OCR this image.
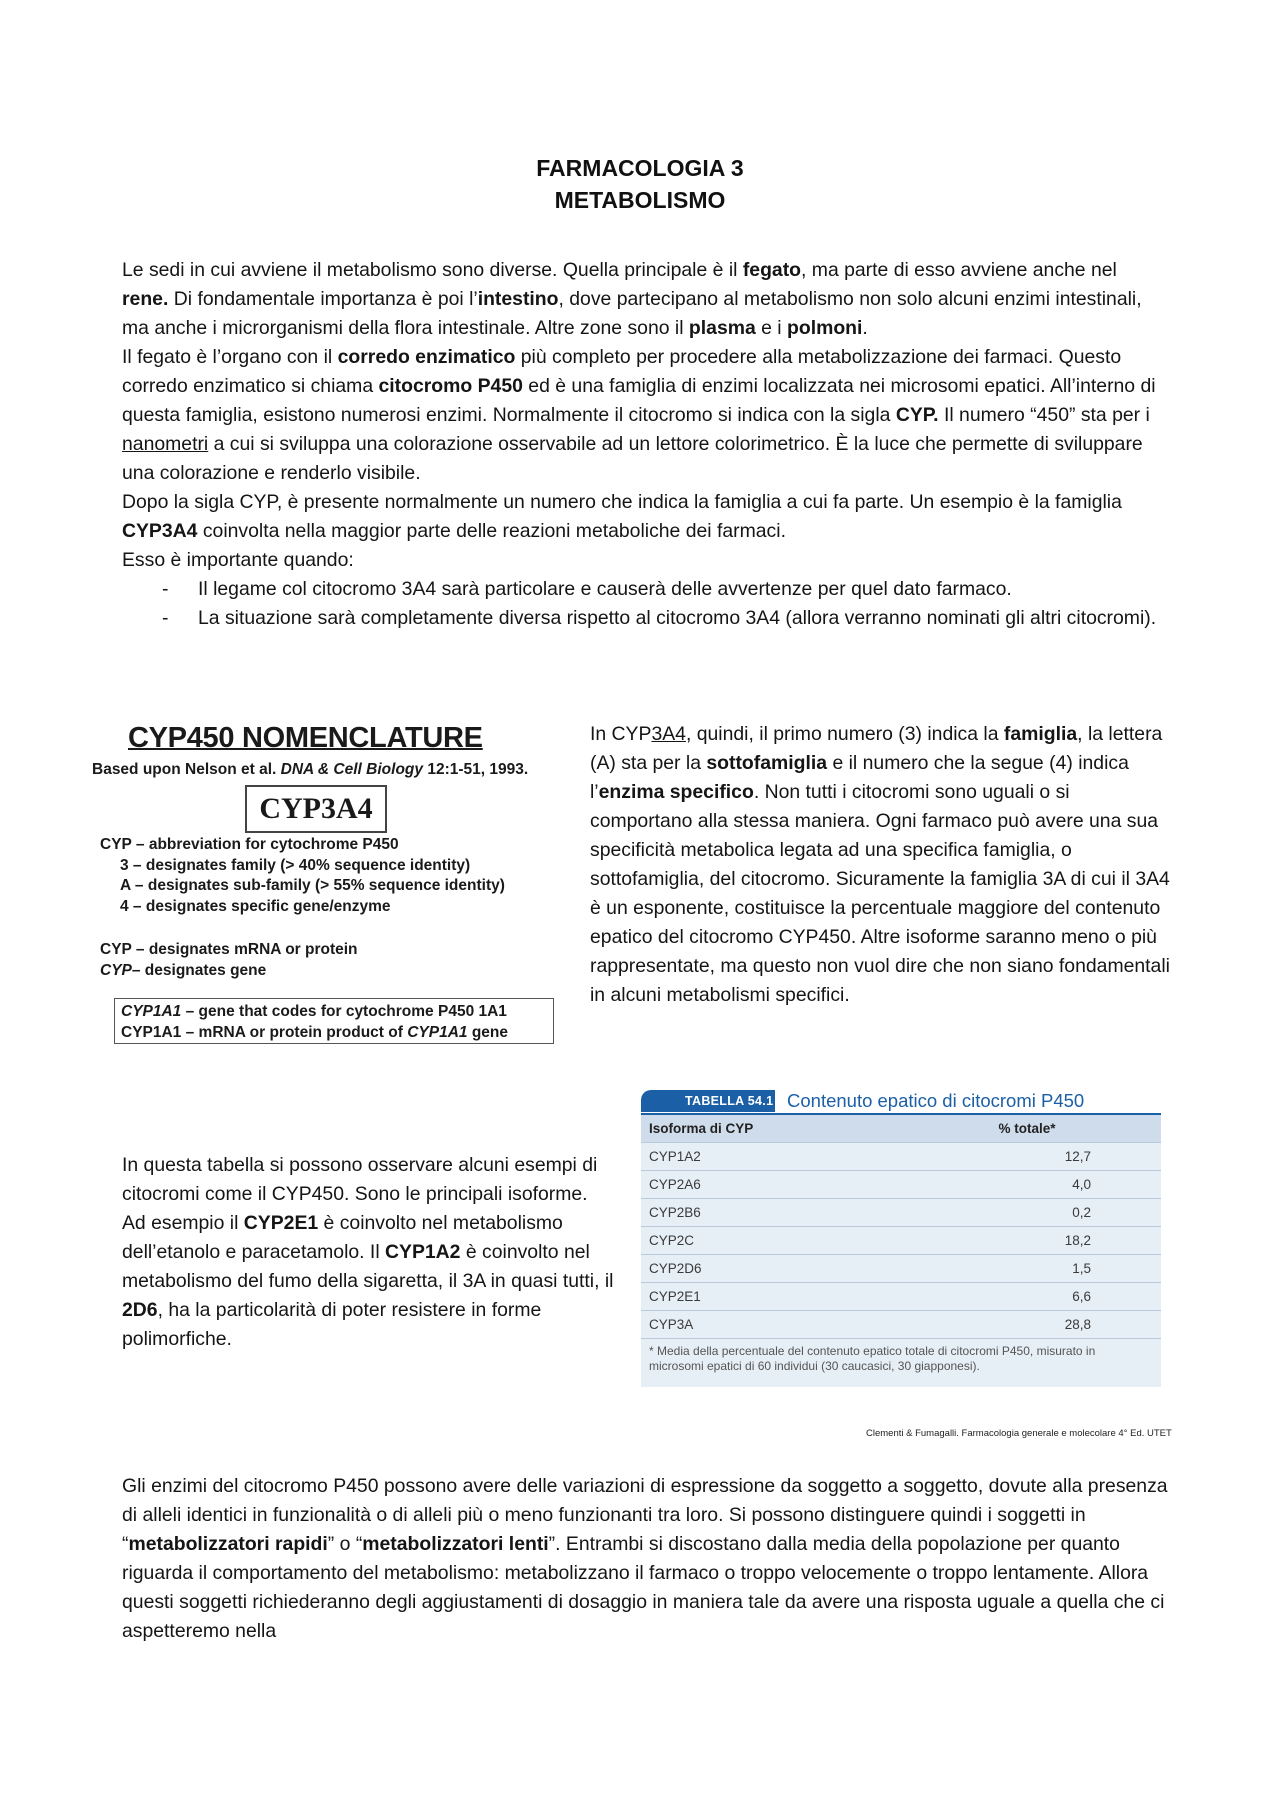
FARMACOLOGIA 3
METABOLISMO

Le sedi in cui avviene il metabolismo sono diverse. Quella principale è il fegato, ma parte di esso avviene anche nel rene. Di fondamentale importanza è poi l’intestino, dove partecipano al metabolismo non solo alcuni enzimi intestinali, ma anche i microrganismi della flora intestinale. Altre zone sono il plasma e i polmoni.

Il fegato è l’organo con il corredo enzimatico più completo per procedere alla metabolizzazione dei farmaci. Questo corredo enzimatico si chiama citocromo P450 ed è una famiglia di enzimi localizzata nei microsomi epatici. All’interno di questa famiglia, esistono numerosi enzimi. Normalmente il citocromo si indica con la sigla CYP. Il numero “450” sta per i nanometri a cui si sviluppa una colorazione osservabile ad un lettore colorimetrico. È la luce che permette di sviluppare una colorazione e renderlo visibile.

Dopo la sigla CYP, è presente normalmente un numero che indica la famiglia a cui fa parte. Un esempio è la famiglia CYP3A4 coinvolta nella maggior parte delle reazioni metaboliche dei farmaci.

Esso è importante quando:

- Il legame col citocromo 3A4 sarà particolare e causerà delle avvertenze per quel dato farmaco.
- La situazione sarà completamente diversa rispetto al citocromo 3A4 (allora verranno nominati gli altri citocromi).
CYP450 NOMENCLATURE
Based upon Nelson et al. DNA & Cell Biology 12:1-51, 1993.
CYP3A4
CYP – abbreviation for cytochrome P450
3 – designates family (> 40% sequence identity)
A – designates sub-family (> 55% sequence identity)
4 – designates specific gene/enzyme
CYP – designates mRNA or protein
CYP– designates gene
CYP1A1 – gene that codes for cytochrome P450 1A1
CYP1A1 – mRNA or protein product of CYP1A1 gene

In CYP3A4, quindi, il primo numero (3) indica la famiglia, la lettera (A) sta per la sottofamiglia e il numero che la segue (4) indica l’enzima specifico. Non tutti i citocromi sono uguali o si comportano alla stessa maniera. Ogni farmaco può avere una sua specificità metabolica legata ad una specifica famiglia, o sottofamiglia, del citocromo. Sicuramente la famiglia 3A di cui il 3A4 è un esponente, costituisce la percentuale maggiore del contenuto epatico del citocromo CYP450. Altre isoforme saranno meno o più rappresentate, ma questo non vuol dire che non siano fondamentali in alcuni metabolismi specifici.

TABELLA 54.1 Contenuto epatico di citocromi P450
Isoforma di CYP	% totale*
CYP1A2	12,7
CYP2A6	4,0
CYP2B6	0,2
CYP2C	18,2
CYP2D6	1,5
CYP2E1	6,6
CYP3A	28,8
* Media della percentuale del contenuto epatico totale di citocromi P450, misurato in microsomi epatici di 60 individui (30 caucasici, 30 giapponesi).

In questa tabella si possono osservare alcuni esempi di citocromi come il CYP450. Sono le principali isoforme.

Ad esempio il CYP2E1 è coinvolto nel metabolismo dell’etanolo e paracetamolo. Il CYP1A2 è coinvolto nel metabolismo del fumo della sigaretta, il 3A in quasi tutti, il 2D6, ha la particolarità di poter resistere in forme polimorfiche.

Clementi & Fumagalli. Farmacologia generale e molecolare 4° Ed. UTET

Gli enzimi del citocromo P450 possono avere delle variazioni di espressione da soggetto a soggetto, dovute alla presenza di alleli identici in funzionalità o di alleli più o meno funzionanti tra loro. Si possono distinguere quindi i soggetti in “metabolizzatori rapidi” o “metabolizzatori lenti”. Entrambi si discostano dalla media della popolazione per quanto riguarda il comportamento del metabolismo: metabolizzano il farmaco o troppo velocemente o troppo lentamente. Allora questi soggetti richiederanno degli aggiustamenti di dosaggio in maniera tale da avere una risposta uguale a quella che ci aspetteremo nella
